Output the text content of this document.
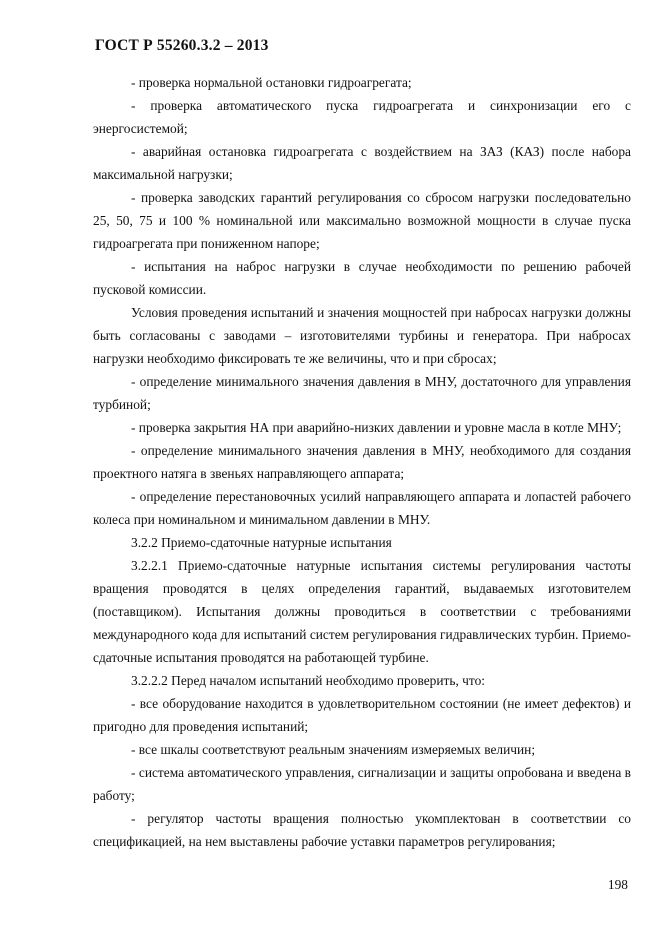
ГОСТ Р 55260.3.2 – 2013

- проверка нормальной остановки гидроагрегата;

- проверка автоматического пуска гидроагрегата и синхронизации его с энергосистемой;

- аварийная остановка гидроагрегата с воздействием на ЗАЗ (КАЗ) после набора максимальной нагрузки;

- проверка заводских гарантий регулирования со сбросом нагрузки последовательно 25, 50, 75 и 100 % номинальной или максимально возможной мощности в случае пуска гидроагрегата при пониженном напоре;

- испытания на наброс нагрузки в случае необходимости по решению рабочей пусковой комиссии.

Условия проведения испытаний и значения мощностей при набросах нагрузки должны быть согласованы с заводами – изготовителями турбины и генератора. При набросах нагрузки необходимо фиксировать те же величины, что и при сбросах;

- определение минимального значения давления в МНУ, достаточного для управления турбиной;

- проверка закрытия НА при аварийно-низких давлении и уровне масла в котле МНУ;

- определение минимального значения давления в МНУ, необходимого для создания проектного натяга в звеньях направляющего аппарата;

- определение перестановочных усилий направляющего аппарата и лопастей рабочего колеса при номинальном и минимальном давлении в МНУ.

3.2.2 Приемо-сдаточные натурные испытания

3.2.2.1 Приемо-сдаточные натурные испытания системы регулирования частоты вращения проводятся в целях определения гарантий, выдаваемых изготовителем (поставщиком). Испытания должны проводиться в соответствии с требованиями международного кода для испытаний систем регулирования гидравлических турбин. Приемо-сдаточные испытания проводятся на работающей турбине.

3.2.2.2 Перед началом испытаний необходимо проверить, что:

- все оборудование находится в удовлетворительном состоянии (не имеет дефектов) и пригодно для проведения испытаний;

- все шкалы соответствуют реальным значениям измеряемых величин;

- система автоматического управления, сигнализации и защиты опробована и введена в работу;

- регулятор частоты вращения полностью укомплектован в соответствии со спецификацией, на нем выставлены рабочие уставки параметров регулирования;

198
